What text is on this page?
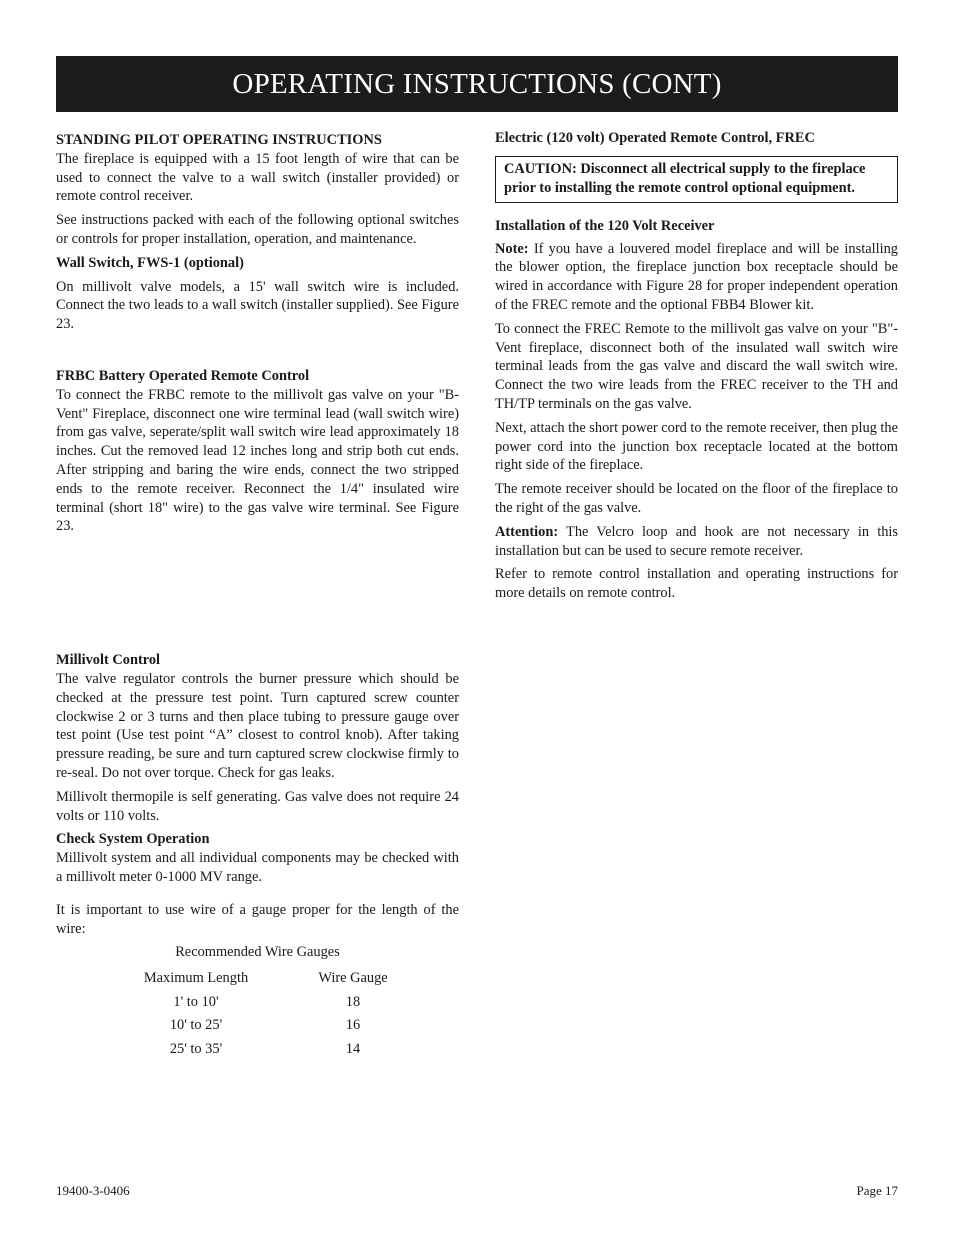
OPERATING INSTRUCTIONS (CONT)
STANDING PILOT OPERATING INSTRUCTIONS

The fireplace is equipped with a 15 foot length of wire that can be used to connect the valve to a wall switch (installer provided) or remote control receiver.

See instructions packed with each of the following optional switches or controls for proper installation, operation, and maintenance.

Wall Switch, FWS-1 (optional)

On millivolt valve models, a 15' wall switch wire is included. Connect the two leads to a wall switch (installer supplied). See Figure 23.

FRBC Battery Operated Remote Control

To connect the FRBC remote to the millivolt gas valve on your "B-Vent" Fireplace, disconnect one wire terminal lead (wall switch wire) from gas valve, seperate/split wall switch wire lead approximately 18 inches. Cut the removed lead 12 inches long and strip both cut ends. After stripping and baring the wire ends, connect the two stripped ends to the remote receiver. Reconnect the 1/4" insulated wire terminal (short 18" wire) to the gas valve wire terminal. See Figure 23.

Millivolt Control

The valve regulator controls the burner pressure which should be checked at the pressure test point. Turn captured screw counter clockwise 2 or 3 turns and then place tubing to pressure gauge over test point (Use test point “A” closest to control knob). After taking pressure reading, be sure and turn captured screw clockwise firmly to re-seal. Do not over torque. Check for gas leaks.

Millivolt thermopile is self generating. Gas valve does not require 24 volts or 110 volts.

Check System Operation

Millivolt system and all individual components may be checked with a millivolt meter 0-1000 MV range.

It is important to use wire of a gauge proper for the length of the wire:

Recommended Wire Gauges
Maximum Length	Wire Gauge
1' to 10'	18
10' to 25'	16
25' to 35'	14
Electric (120 volt) Operated Remote Control, FREC
CAUTION: Disconnect all electrical supply to the fireplace prior to installing the remote control optional equipment.
Installation of the 120 Volt Receiver

Note: If you have a louvered model fireplace and will be installing the blower option, the fireplace junction box receptacle should be wired in accordance with Figure 28 for proper independent operation of the FREC remote and the optional FBB4 Blower kit.

To connect the FREC Remote to the millivolt gas valve on your "B"-Vent fireplace, disconnect both of the insulated wall switch wire terminal leads from the gas valve and discard the wall switch wire. Connect the two wire leads from the FREC receiver to the TH and TH/TP terminals on the gas valve.

Next, attach the short power cord to the remote receiver, then plug the power cord into the junction box receptacle located at the bottom right side of the fireplace.

The remote receiver should be located on the floor of the fireplace to the right of the gas valve.

Attention: The Velcro loop and hook are not necessary in this installation but can be used to secure remote receiver.

Refer to remote control installation and operating instructions for more details on remote control.

19400-3-0406	Page 17
